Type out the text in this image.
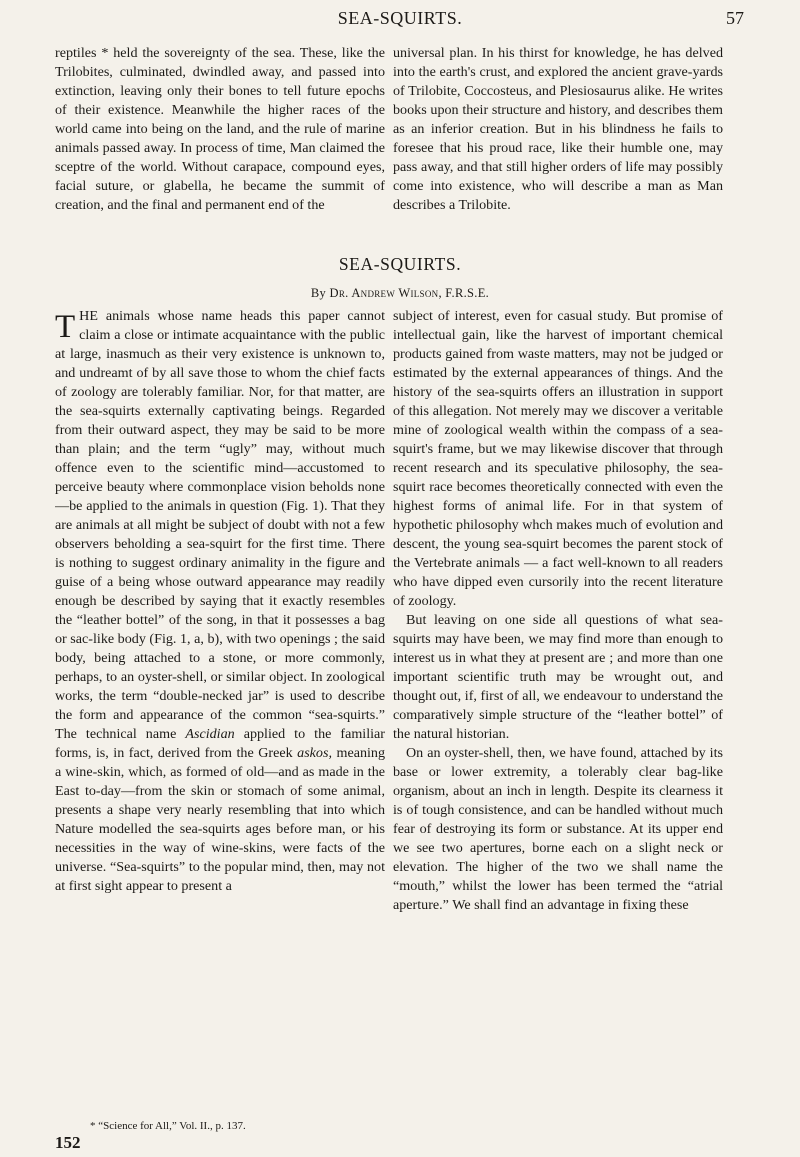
SEA-SQUIRTS.	57

reptiles * held the sovereignty of the sea. These, like the Trilobites, culminated, dwindled away, and passed into extinction, leaving only their bones to tell future epochs of their existence. Meanwhile the higher races of the world came into being on the land, and the rule of marine animals passed away. In process of time, Man claimed the sceptre of the world. Without carapace, compound eyes, facial suture, or glabella, he became the summit of creation, and the final and permanent end of the

universal plan. In his thirst for knowledge, he has delved into the earth's crust, and explored the ancient grave-yards of Trilobite, Coccosteus, and Plesiosaurus alike. He writes books upon their structure and history, and describes them as an inferior creation. But in his blindness he fails to foresee that his proud race, like their humble one, may pass away, and that still higher orders of life may possibly come into existence, who will describe a man as Man describes a Trilobite.

SEA-SQUIRTS.
By Dr. Andrew Wilson, F.R.S.E.

THE animals whose name heads this paper cannot claim a close or intimate acquaintance with the public at large, inasmuch as their very existence is unknown to, and undreamt of by all save those to whom the chief facts of zoology are tolerably familiar. Nor, for that matter, are the sea-squirts externally captivating beings. Regarded from their outward aspect, they may be said to be more than plain; and the term “ugly” may, without much offence even to the scientific mind—accustomed to perceive beauty where commonplace vision beholds none—be applied to the animals in question (Fig. 1). That they are animals at all might be subject of doubt with not a few observers beholding a sea-squirt for the first time. There is nothing to suggest ordinary animality in the figure and guise of a being whose outward appearance may readily enough be described by saying that it exactly resembles the “leather bottel” of the song, in that it possesses a bag or sac-like body (Fig. 1, a, b), with two openings ; the said body, being attached to a stone, or more commonly, perhaps, to an oyster-shell, or similar object. In zoological works, the term “double-necked jar” is used to describe the form and appearance of the common “sea-squirts.” The technical name Ascidian applied to the familiar forms, is, in fact, derived from the Greek askos, meaning a wine-skin, which, as formed of old—and as made in the East to-day—from the skin or stomach of some animal, presents a shape very nearly resembling that into which Nature modelled the sea-squirts ages before man, or his necessities in the way of wine-skins, were facts of the universe. “Sea-squirts” to the popular mind, then, may not at first sight appear to present a

subject of interest, even for casual study. But promise of intellectual gain, like the harvest of important chemical products gained from waste matters, may not be judged or estimated by the external appearances of things. And the history of the sea-squirts offers an illustration in support of this allegation. Not merely may we discover a veritable mine of zoological wealth within the compass of a sea-squirt's frame, but we may likewise discover that through recent research and its speculative philosophy, the sea-squirt race becomes theoretically connected with even the highest forms of animal life. For in that system of hypothetic philosophy whch makes much of evolution and descent, the young sea-squirt becomes the parent stock of the Vertebrate animals — a fact well-known to all readers who have dipped even cursorily into the recent literature of zoology.

But leaving on one side all questions of what sea-squirts may have been, we may find more than enough to interest us in what they at present are ; and more than one important scientific truth may be wrought out, and thought out, if, first of all, we endeavour to understand the comparatively simple structure of the “leather bottel” of the natural historian.

On an oyster-shell, then, we have found, attached by its base or lower extremity, a tolerably clear bag-like organism, about an inch in length. Despite its clearness it is of tough consistence, and can be handled without much fear of destroying its form or substance. At its upper end we see two apertures, borne each on a slight neck or elevation. The higher of the two we shall name the “mouth,” whilst the lower has been termed the “atrial aperture.” We shall find an advantage in fixing these

* “Science for All,” Vol. II., p. 137.
152
